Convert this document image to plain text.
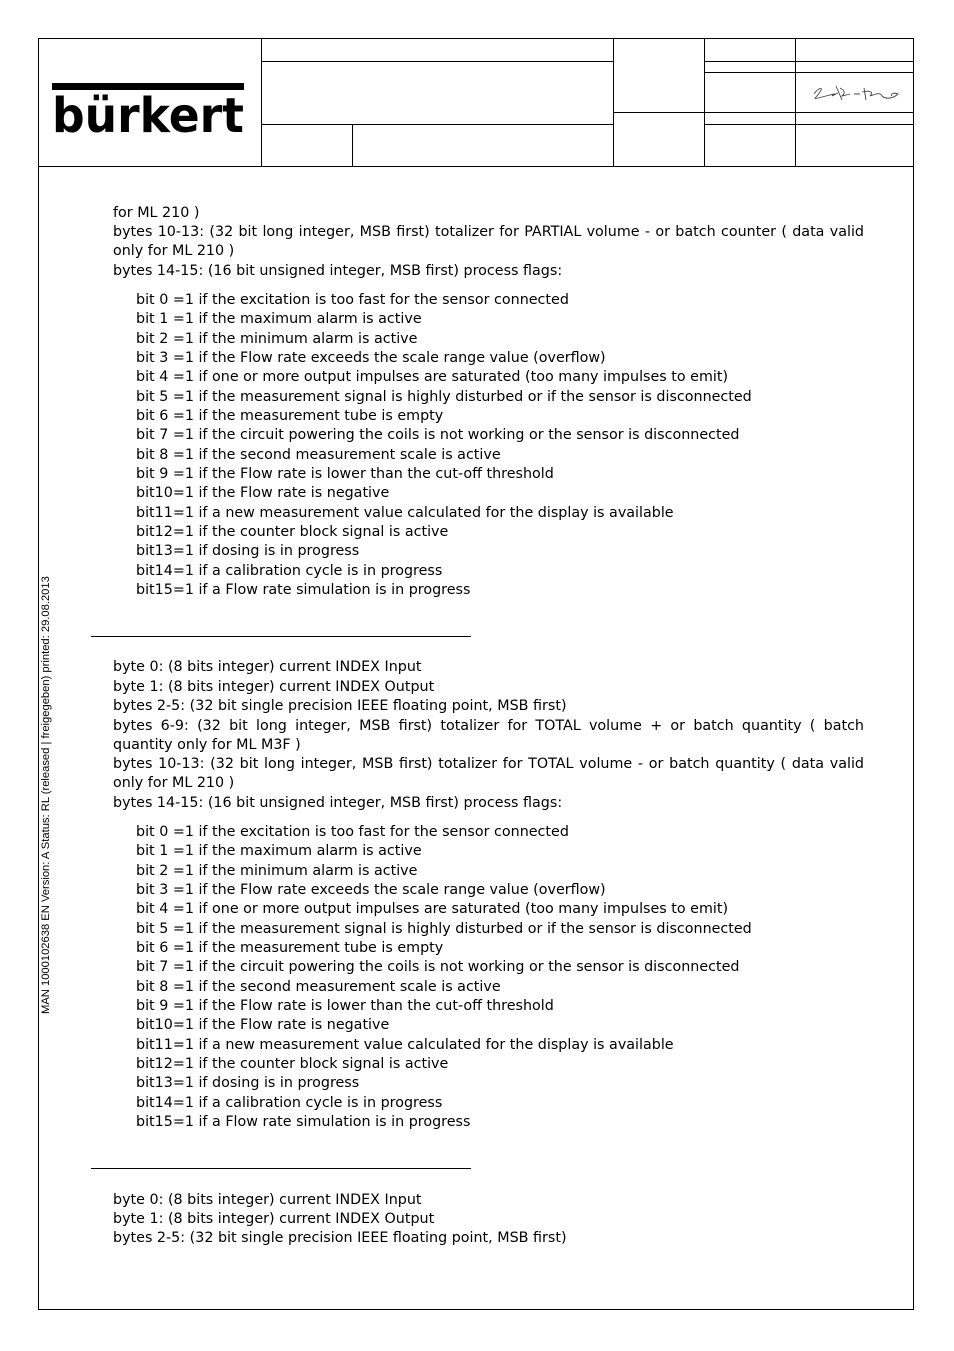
bürkert
MAN 1000102638 EN Version: A Status: RL (released | freigegeben) printed: 29.08.2013
for ML 210 )
bytes 10-13: (32 bit long integer, MSB first) totalizer for PARTIAL volume - or batch counter ( data valid only for ML 210 )
bytes 14-15: (16 bit unsigned integer, MSB first) process flags:
bit 0 =1 if the excitation is too fast for the sensor connected
bit 1 =1 if the maximum alarm is active
bit 2 =1 if the minimum alarm is active
bit 3 =1 if the Flow rate exceeds the scale range value (overflow)
bit 4 =1 if one or more output impulses are saturated (too many impulses to emit)
bit 5 =1 if the measurement signal is highly disturbed or if the sensor is disconnected
bit 6 =1 if the measurement tube is empty
bit 7 =1 if the circuit powering the coils is not working or the sensor is disconnected
bit 8 =1 if the second measurement scale is active
bit 9 =1 if the Flow rate is lower than the cut-off threshold
bit10=1 if the Flow rate is negative
bit11=1 if a new measurement value calculated for the display is available
bit12=1 if the counter block signal is active
bit13=1 if dosing is in progress
bit14=1 if a calibration cycle is in progress
bit15=1 if a Flow rate simulation is in progress
byte 0: (8 bits integer) current INDEX Input
byte 1: (8 bits integer) current INDEX Output
bytes 2-5: (32 bit single precision IEEE floating point, MSB first)
bytes 6-9: (32 bit long integer, MSB first) totalizer for TOTAL volume + or batch quantity ( batch quantity only for ML M3F )
bytes 10-13: (32 bit long integer, MSB first) totalizer for TOTAL volume - or batch quantity ( data valid only for ML 210 )
bytes 14-15: (16 bit unsigned integer, MSB first) process flags:
bit 0 =1 if the excitation is too fast for the sensor connected
bit 1 =1 if the maximum alarm is active
bit 2 =1 if the minimum alarm is active
bit 3 =1 if the Flow rate exceeds the scale range value (overflow)
bit 4 =1 if one or more output impulses are saturated (too many impulses to emit)
bit 5 =1 if the measurement signal is highly disturbed or if the sensor is disconnected
bit 6 =1 if the measurement tube is empty
bit 7 =1 if the circuit powering the coils is not working or the sensor is disconnected
bit 8 =1 if the second measurement scale is active
bit 9 =1 if the Flow rate is lower than the cut-off threshold
bit10=1 if the Flow rate is negative
bit11=1 if a new measurement value calculated for the display is available
bit12=1 if the counter block signal is active
bit13=1 if dosing is in progress
bit14=1 if a calibration cycle is in progress
bit15=1 if a Flow rate simulation is in progress
byte 0: (8 bits integer) current INDEX Input
byte 1: (8 bits integer) current INDEX Output
bytes 2-5: (32 bit single precision IEEE floating point, MSB first)
